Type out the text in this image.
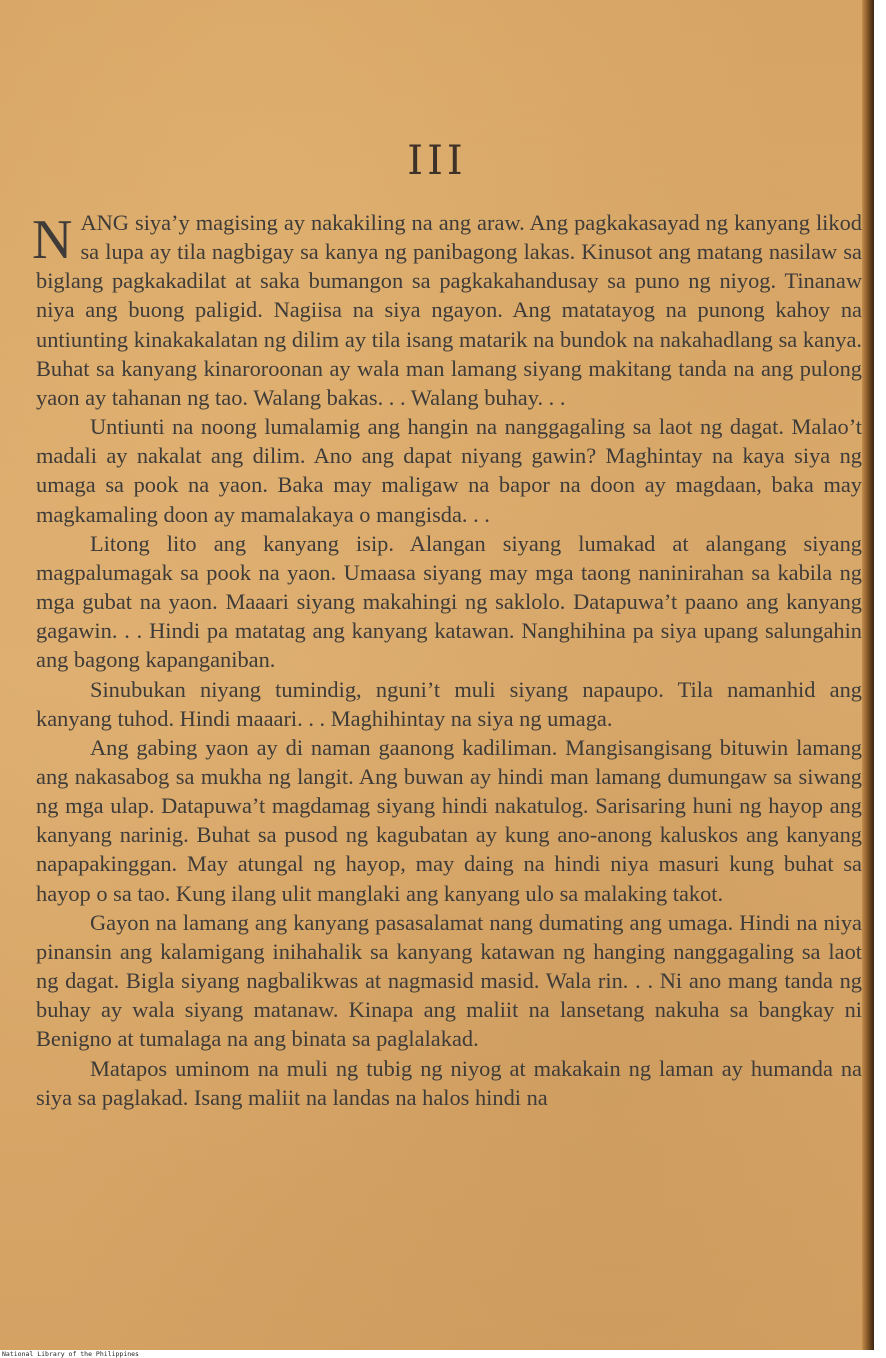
III

NANG siya’y magising ay nakakiling na ang araw. Ang pagkakasayad ng kanyang likod sa lupa ay tila nagbigay sa kanya ng panibagong lakas. Kinusot ang matang nasilaw sa biglang pagkakadilat at saka bumangon sa pagkakahandusay sa puno ng niyog. Tinanaw niya ang buong paligid. Nagiisa na siya ngayon. Ang matatayog na punong kahoy na untiunting kinakakalatan ng dilim ay tila isang matarik na bundok na nakahadlang sa kanya. Buhat sa kanyang kinaroroonan ay wala man lamang siyang makitang tanda na ang pulong yaon ay tahanan ng tao. Walang bakas. . . Walang buhay. . .

Untiunti na noong lumalamig ang hangin na nanggagaling sa laot ng dagat. Malao’t madali ay nakalat ang dilim. Ano ang dapat niyang gawin? Maghintay na kaya siya ng umaga sa pook na yaon. Baka may maligaw na bapor na doon ay magdaan, baka may magkamaling doon ay mamalakaya o mangisda. . .

Litong lito ang kanyang isip. Alangan siyang lumakad at alangang siyang magpalumagak sa pook na yaon. Umaasa siyang may mga taong naninirahan sa kabila ng mga gubat na yaon. Maaari siyang makahingi ng saklolo. Datapuwa’t paano ang kanyang gagawin. . . Hindi pa matatag ang kanyang katawan. Nanghihina pa siya upang salungahin ang bagong kapanganiban.

Sinubukan niyang tumindig, nguni’t muli siyang napaupo. Tila namanhid ang kanyang tuhod. Hindi maaari. . . Maghihintay na siya ng umaga.

Ang gabing yaon ay di naman gaanong kadiliman. Mangisangisang bituwin lamang ang nakasabog sa mukha ng langit. Ang buwan ay hindi man lamang dumungaw sa siwang ng mga ulap. Datapuwa’t magdamag siyang hindi nakatulog. Sarisaring huni ng hayop ang kanyang narinig. Buhat sa pusod ng kagubatan ay kung ano-anong kaluskos ang kanyang napapakinggan. May atungal ng hayop, may daing na hindi niya masuri kung buhat sa hayop o sa tao. Kung ilang ulit manglaki ang kanyang ulo sa malaking takot.

Gayon na lamang ang kanyang pasasalamat nang dumating ang umaga. Hindi na niya pinansin ang kalamigang inihahalik sa kanyang katawan ng hanging nanggagaling sa laot ng dagat. Bigla siyang nagbalikwas at nagmasid masid. Wala rin. . . Ni ano mang tanda ng buhay ay wala siyang matanaw. Kinapa ang maliit na lansetang nakuha sa bangkay ni Benigno at tumalaga na ang binata sa paglalakad.

Matapos uminom na muli ng tubig ng niyog at makakain ng laman ay humanda na siya sa paglakad. Isang maliit na landas na halos hindi na

National Library of the Philippines
